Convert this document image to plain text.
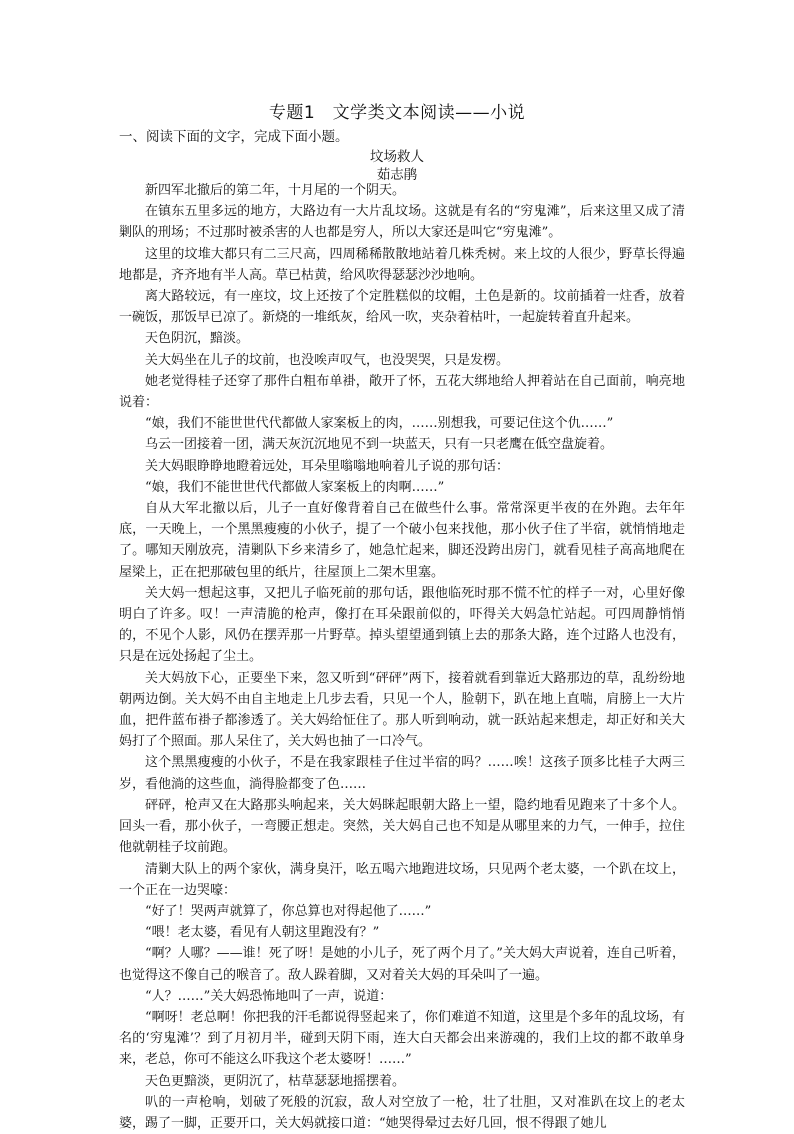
专题1　文学类文本阅读——小说

一、阅读下面的文字，完成下面小题。

坟场救人

茹志鹃

新四军北撤后的第二年，十月尾的一个阴天。

在镇东五里多远的地方，大路边有一大片乱坟场。这就是有名的“穷鬼滩”，后来这里又成了清剿队的刑场；不过那时被杀害的人也都是穷人，所以大家还是叫它“穷鬼滩”。

这里的坟堆大都只有二三尺高，四周稀稀散散地站着几株秃树。来上坟的人很少，野草长得遍地都是，齐齐地有半人高。草已枯黄，给风吹得瑟瑟沙沙地响。

离大路较远，有一座坟，坟上还按了个定胜糕似的坟帽，土色是新的。坟前插着一炷香，放着一碗饭，那饭早已凉了。新烧的一堆纸灰，给风一吹，夹杂着枯叶，一起旋转着直升起来。

天色阴沉，黯淡。

关大妈坐在儿子的坟前，也没唉声叹气，也没哭哭，只是发楞。

她老觉得桂子还穿了那件白粗布单褂，敞开了怀，五花大绑地给人押着站在自己面前，响亮地说着：

“娘，我们不能世世代代都做人家案板上的肉，……别想我，可要记住这个仇……”

乌云一团接着一团，满天灰沉沉地见不到一块蓝天，只有一只老鹰在低空盘旋着。

关大妈眼睁睁地瞪着远处，耳朵里嗡嗡地响着儿子说的那句话：

“娘，我们不能世世代代都做人家案板上的肉啊……”

自从大军北撤以后，儿子一直好像背着自己在做些什么事。常常深更半夜的在外跑。去年年底，一天晚上，一个黑黑瘦瘦的小伙子，提了一个破小包来找他，那小伙子住了半宿，就悄悄地走了。哪知天刚放亮，清剿队下乡来清乡了，她急忙起来，脚还没跨出房门，就看见桂子高高地爬在屋梁上，正在把那破包里的纸片，往屋顶上二架木里塞。

关大妈一想起这事，又把儿子临死前的那句话，跟他临死时那不慌不忙的样子一对，心里好像明白了许多。叹！一声清脆的枪声，像打在耳朵跟前似的，吓得关大妈急忙站起。可四周静悄悄的，不见个人影，风仍在摆弄那一片野草。掉头望望通到镇上去的那条大路，连个过路人也没有，只是在远处扬起了尘土。

关大妈放下心，正要坐下来，忽又听到“砰砰”两下，接着就看到靠近大路那边的草，乱纷纷地朝两边倒。关大妈不由自主地走上几步去看，只见一个人，脸朝下，趴在地上直喘，肩膀上一大片血，把件蓝布褂子都渗透了。关大妈给怔住了。那人听到响动，就一跃站起来想走，却正好和关大妈打了个照面。那人呆住了，关大妈也抽了一口冷气。

这个黑黑瘦瘦的小伙子，不是在我家跟桂子住过半宿的吗？……唉！这孩子顶多比桂子大两三岁，看他淌的这些血，淌得脸都变了色……

砰砰，枪声又在大路那头响起来，关大妈眯起眼朝大路上一望，隐约地看见跑来了十多个人。回头一看，那小伙子，一弯腰正想走。突然，关大妈自己也不知是从哪里来的力气，一伸手，拉住他就朝桂子坟前跑。

清剿大队上的两个家伙，满身臭汗，吆五喝六地跑进坟场，只见两个老太婆，一个趴在坟上，一个正在一边哭嚎：

“好了！哭两声就算了，你总算也对得起他了……”

“喂！老太婆，看见有人朝这里跑没有？”

“啊？人哪？——谁！死了呀！是她的小儿子，死了两个月了。”关大妈大声说着，连自己听着，也觉得这不像自己的喉音了。敌人跺着脚，又对着关大妈的耳朵叫了一遍。

“人？……”关大妈恐怖地叫了一声，说道：

“啊呀！老总啊！你把我的汗毛都说得竖起来了，你们难道不知道，这里是个多年的乱坟场，有名的‘穷鬼滩’？到了月初月半，碰到天阴下雨，连大白天都会出来游魂的，我们上坟的都不敢单身来，老总，你可不能这么吓我这个老太婆呀！……”

天色更黯淡，更阴沉了，枯草瑟瑟地摇摆着。

叭的一声枪响，划破了死般的沉寂，敌人对空放了一枪，壮了壮胆，又对准趴在坟上的老太婆，踢了一脚，正要开口，关大妈就接口道：“她哭得晕过去好几回，恨不得跟了她儿
